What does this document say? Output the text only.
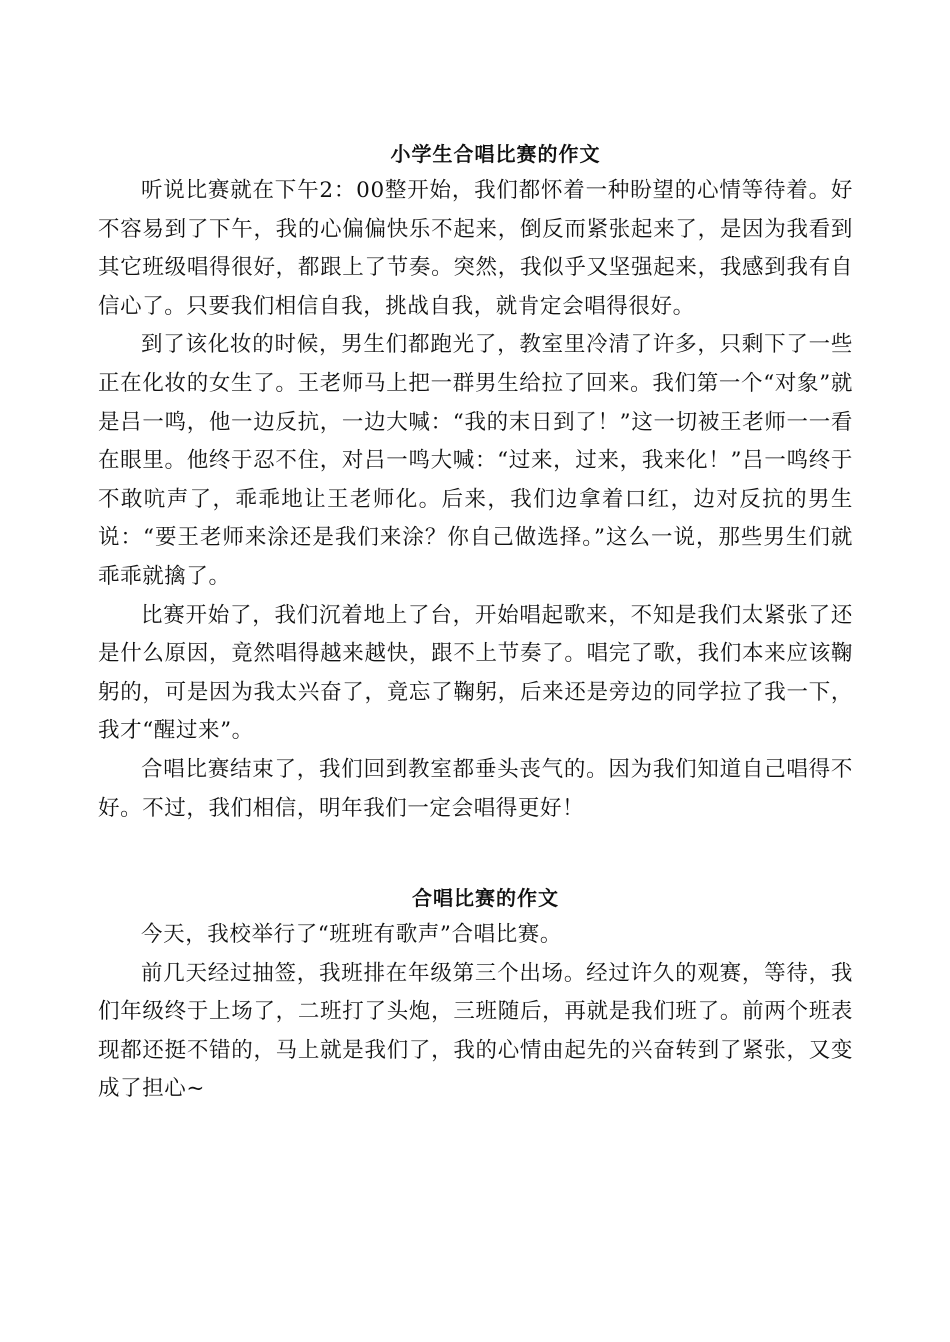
小学生合唱比赛的作文

听说比赛就在下午2：00整开始，我们都怀着一种盼望的心情等待着。好不容易到了下午，我的心偏偏快乐不起来，倒反而紧张起来了，是因为我看到其它班级唱得很好，都跟上了节奏。突然，我似乎又坚强起来，我感到我有自信心了。只要我们相信自我，挑战自我，就肯定会唱得很好。

到了该化妆的时候，男生们都跑光了，教室里冷清了许多，只剩下了一些正在化妆的女生了。王老师马上把一群男生给拉了回来。我们第一个“对象”就是吕一鸣，他一边反抗，一边大喊：“我的末日到了！”这一切被王老师一一看在眼里。他终于忍不住，对吕一鸣大喊：“过来，过来，我来化！”吕一鸣终于不敢吭声了，乖乖地让王老师化。后来，我们边拿着口红，边对反抗的男生说：“要王老师来涂还是我们来涂？你自己做选择。”这么一说，那些男生们就乖乖就擒了。

比赛开始了，我们沉着地上了台，开始唱起歌来，不知是我们太紧张了还是什么原因，竟然唱得越来越快，跟不上节奏了。唱完了歌，我们本来应该鞠躬的，可是因为我太兴奋了，竟忘了鞠躬，后来还是旁边的同学拉了我一下，我才“醒过来”。

合唱比赛结束了，我们回到教室都垂头丧气的。因为我们知道自己唱得不好。不过，我们相信，明年我们一定会唱得更好！

合唱比赛的作文

今天，我校举行了“班班有歌声”合唱比赛。

前几天经过抽签，我班排在年级第三个出场。经过许久的观赛，等待，我们年级终于上场了，二班打了头炮，三班随后，再就是我们班了。前两个班表现都还挺不错的，马上就是我们了，我的心情由起先的兴奋转到了紧张，又变成了担心~
